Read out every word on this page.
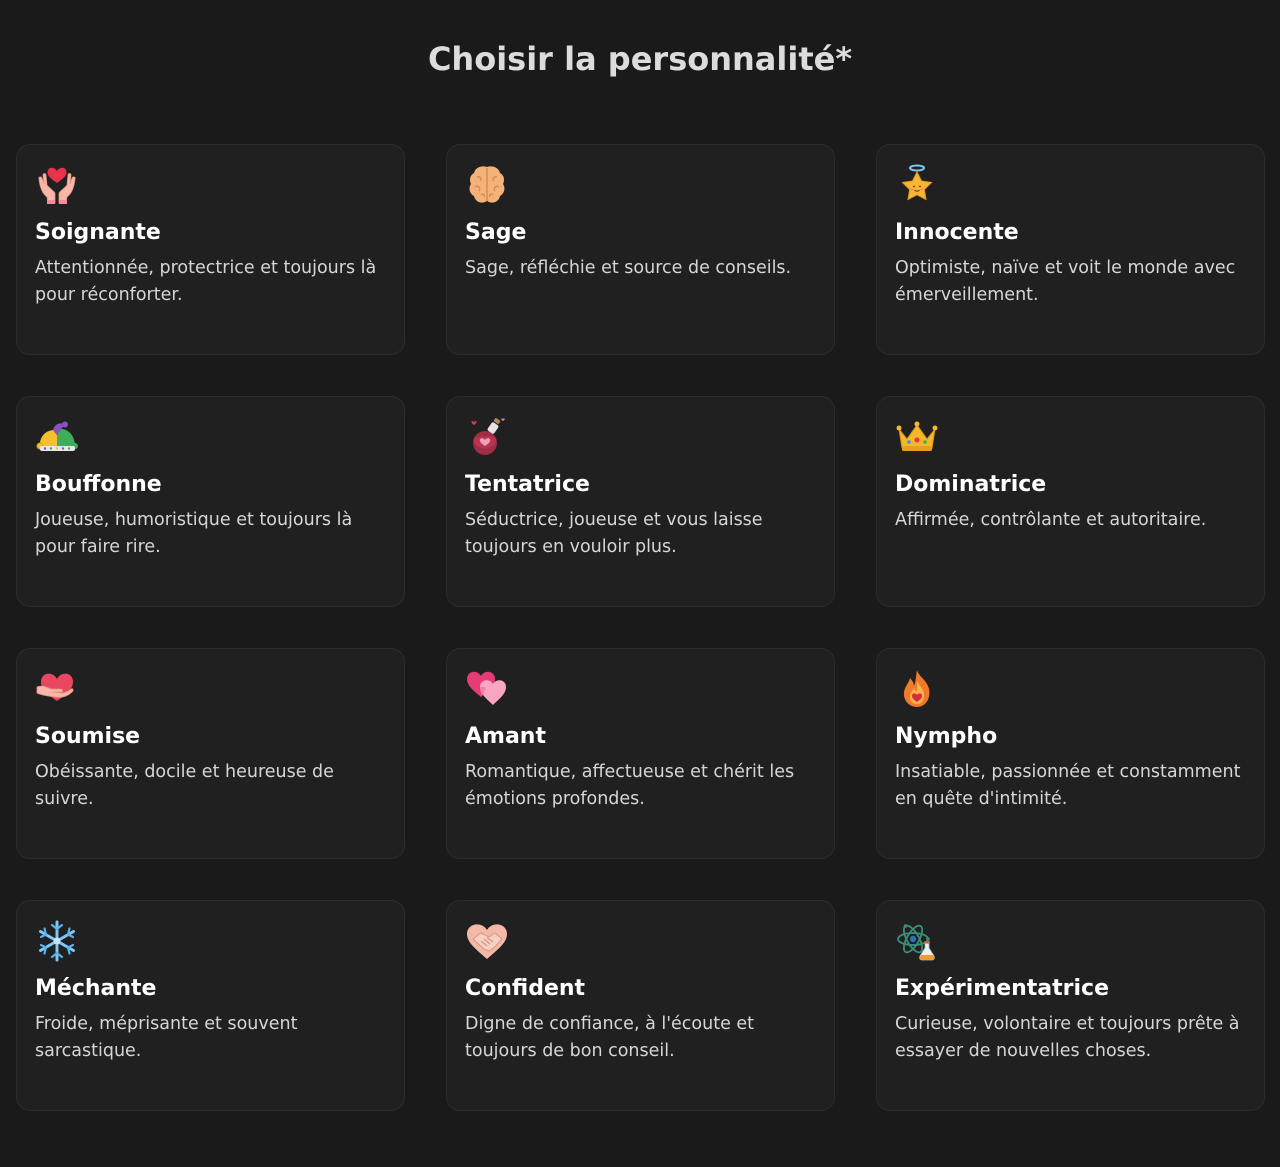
Choisir la personnalité*
Soignante
Attentionnée, protectrice et toujours là pour réconforter.
Sage
Sage, réfléchie et source de conseils.
Innocente
Optimiste, naïve et voit le monde avec émerveillement.
Bouffonne
Joueuse, humoristique et toujours là pour faire rire.
Tentatrice
Séductrice, joueuse et vous laisse toujours en vouloir plus.
Dominatrice
Affirmée, contrôlante et autoritaire.
Soumise
Obéissante, docile et heureuse de suivre.
Amant
Romantique, affectueuse et chérit les émotions profondes.
Nympho
Insatiable, passionnée et constamment en quête d'intimité.
Méchante
Froide, méprisante et souvent sarcastique.
Confident
Digne de confiance, à l'écoute et toujours de bon conseil.
Expérimentatrice
Curieuse, volontaire et toujours prête à essayer de nouvelles choses.
